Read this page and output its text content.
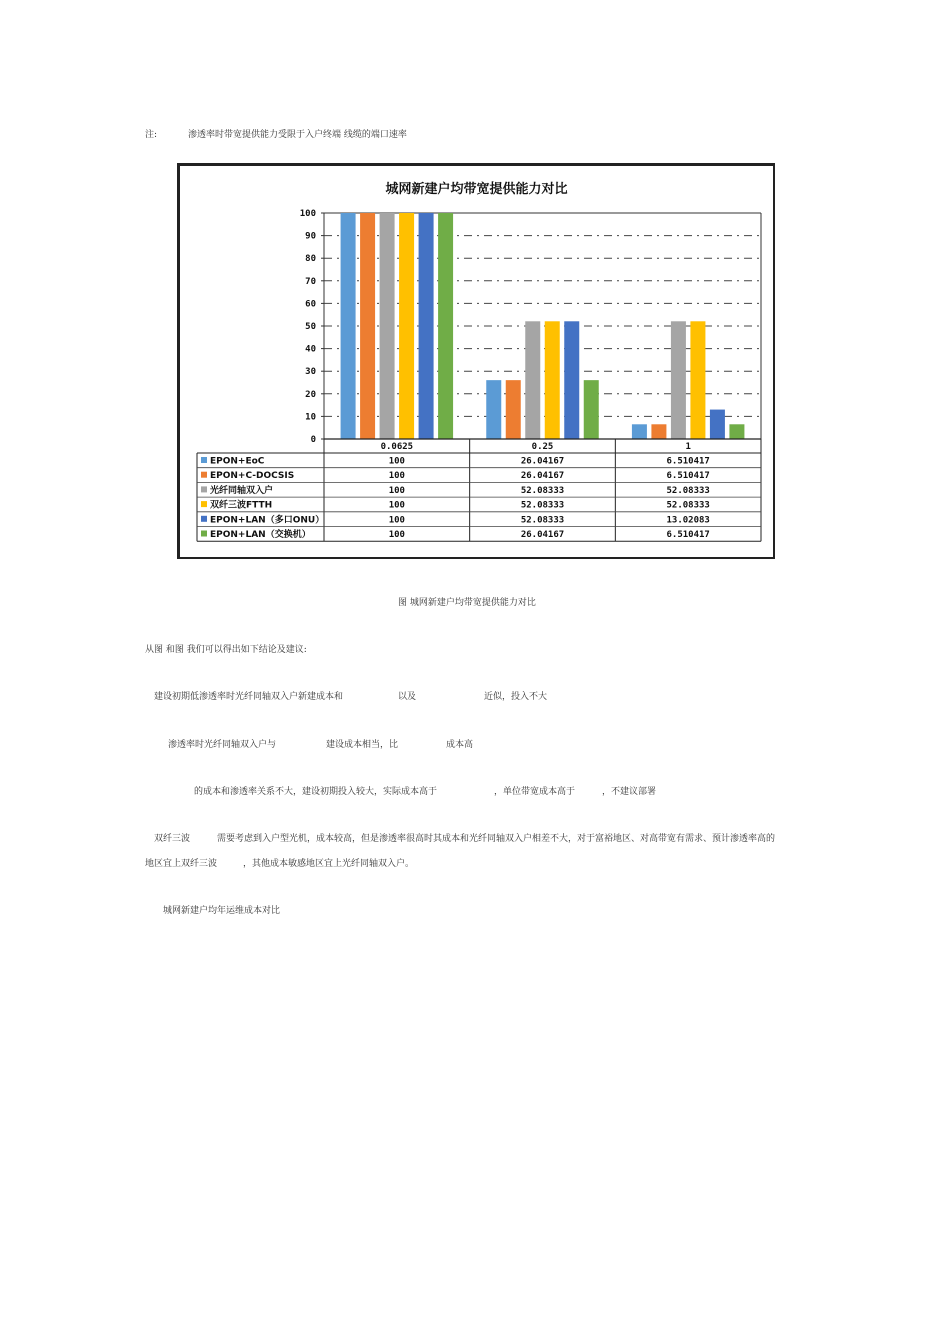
注:	渗透率时带宽提供能力受限于入户终端 线缆的端口速率
城网新建户均带宽提供能力对比
0
10
20
30
40
50
60
70
80
90
100
0.0625	0.25	1
EPON+EoC	100	26.04167	6.510417
EPON+C-DOCSIS	100	26.04167	6.510417
光纤同轴双入户	100	52.08333	52.08333
双纤三波FTTH	100	52.08333	52.08333
EPON+LAN（多口ONU）	100	52.08333	13.02083
EPON+LAN（交换机）	100	26.04167	6.510417
图 城网新建户均带宽提供能力对比
从图 和图 我们可以得出如下结论及建议:
建设初期低渗透率时光纤同轴双入户新建成本和	以及	近似，投入不大
渗透率时光纤同轴双入户与	建设成本相当，比	成本高
的成本和渗透率关系不大，建设初期投入较大，实际成本高于	，单位带宽成本高于	，不建议部署
双纤三波	需要考虑到入户型光机，成本较高，但是渗透率很高时其成本和光纤同轴双入户相差不大，对于富裕地区、对高带宽有需求、预计渗透率高的
地区宜上双纤三波	，其他成本敏感地区宜上光纤同轴双入户。
城网新建户均年运维成本对比
